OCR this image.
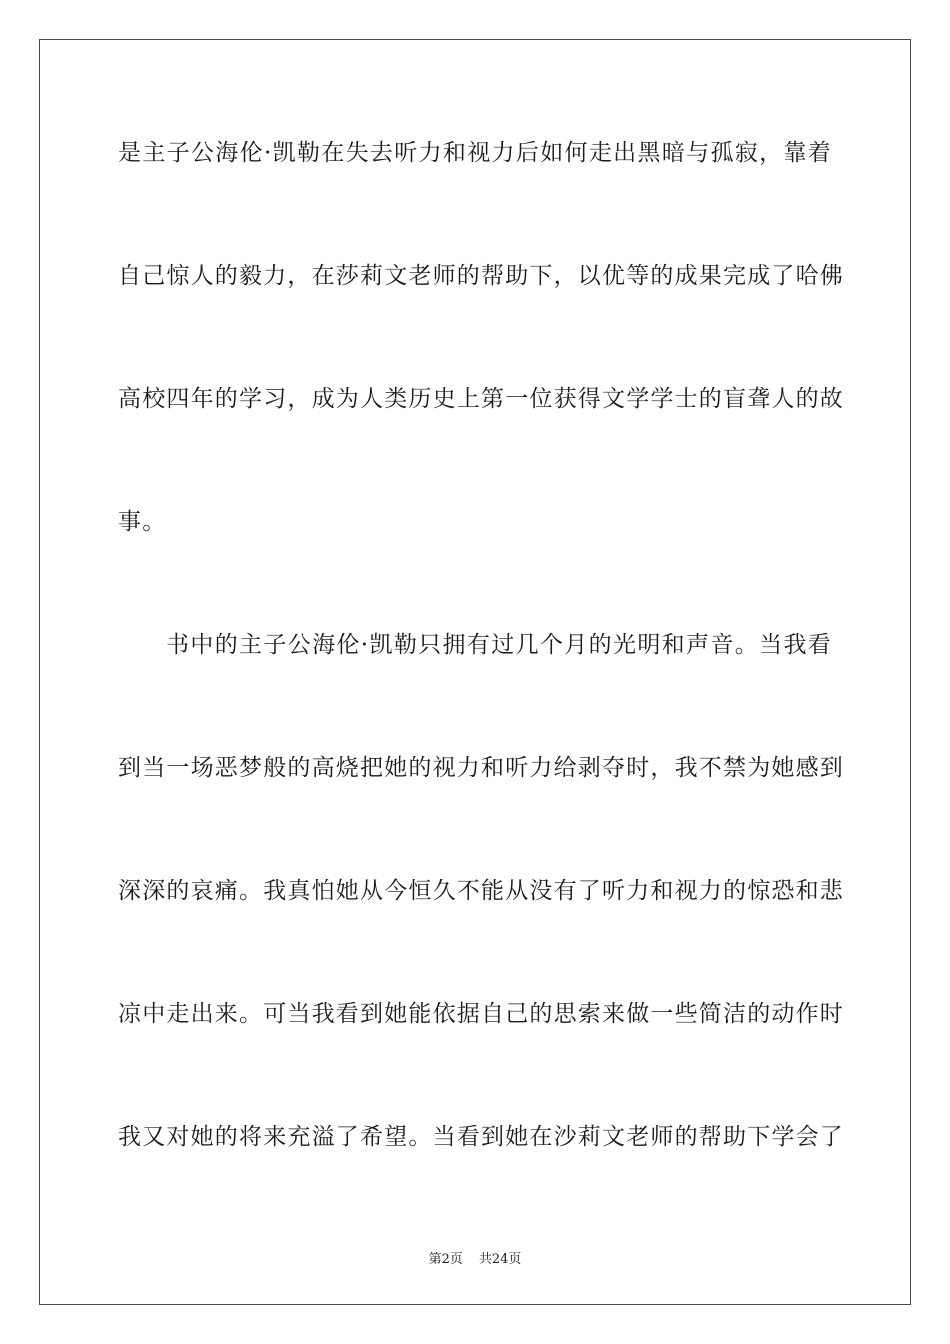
是主子公海伦·凯勒在失去听力和视力后如何走出黑暗与孤寂，靠着
自己惊人的毅力，在莎莉文老师的帮助下，以优等的成果完成了哈佛
高校四年的学习，成为人类历史上第一位获得文学学士的盲聋人的故
事。
书中的主子公海伦·凯勒只拥有过几个月的光明和声音。当我看
到当一场恶梦般的高烧把她的视力和听力给剥夺时，我不禁为她感到
深深的哀痛。我真怕她从今恒久不能从没有了听力和视力的惊恐和悲
凉中走出来。可当我看到她能依据自己的思索来做一些简洁的动作时
我又对她的将来充溢了希望。当看到她在沙莉文老师的帮助下学会了
第2页 共24页
